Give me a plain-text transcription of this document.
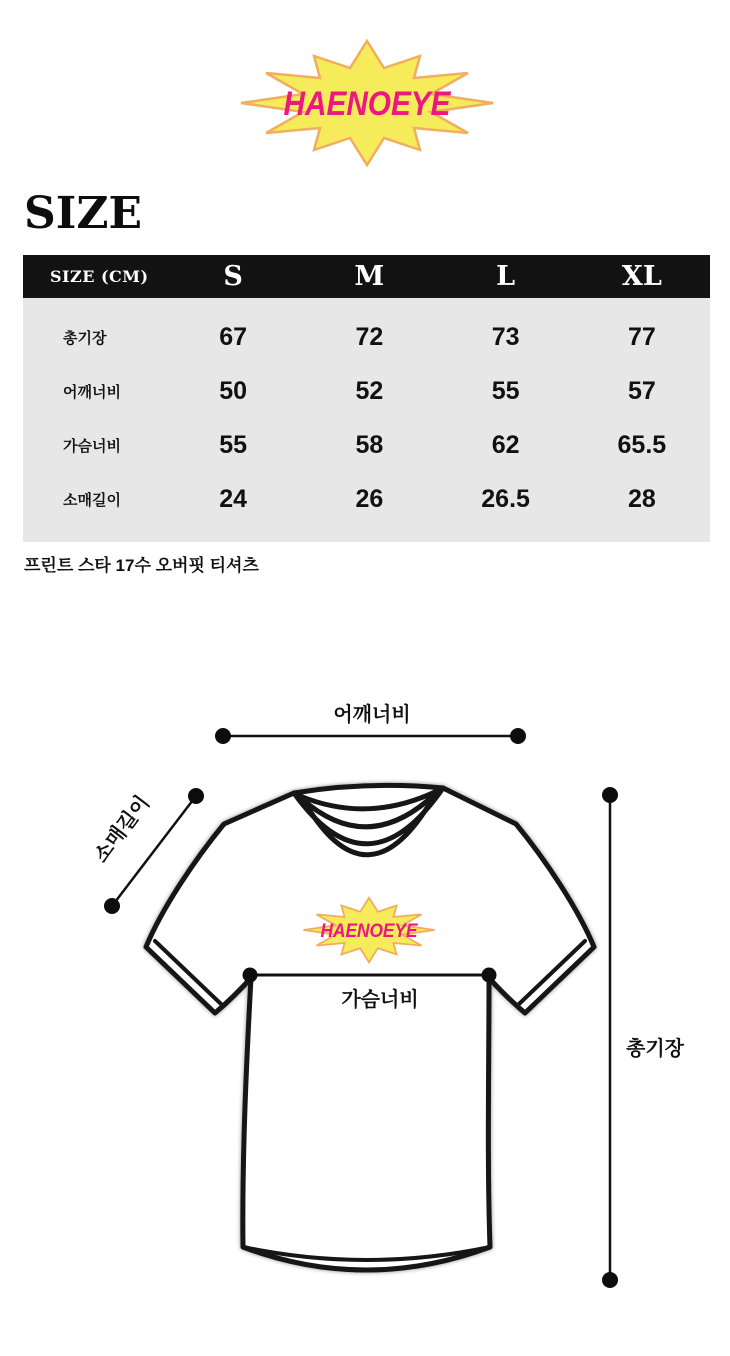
HAENOEYE
SIZE
SIZE (CM)	S	M	L	XL
총기장	67	72	73	77
어깨너비	50	52	55	57
가슴너비	55	58	62	65.5
소매길이	24	26	26.5	28
프린트 스타 17수 오버핏 티셔츠
HAENOEYE
어깨너비
소매길이
가슴너비
총기장
